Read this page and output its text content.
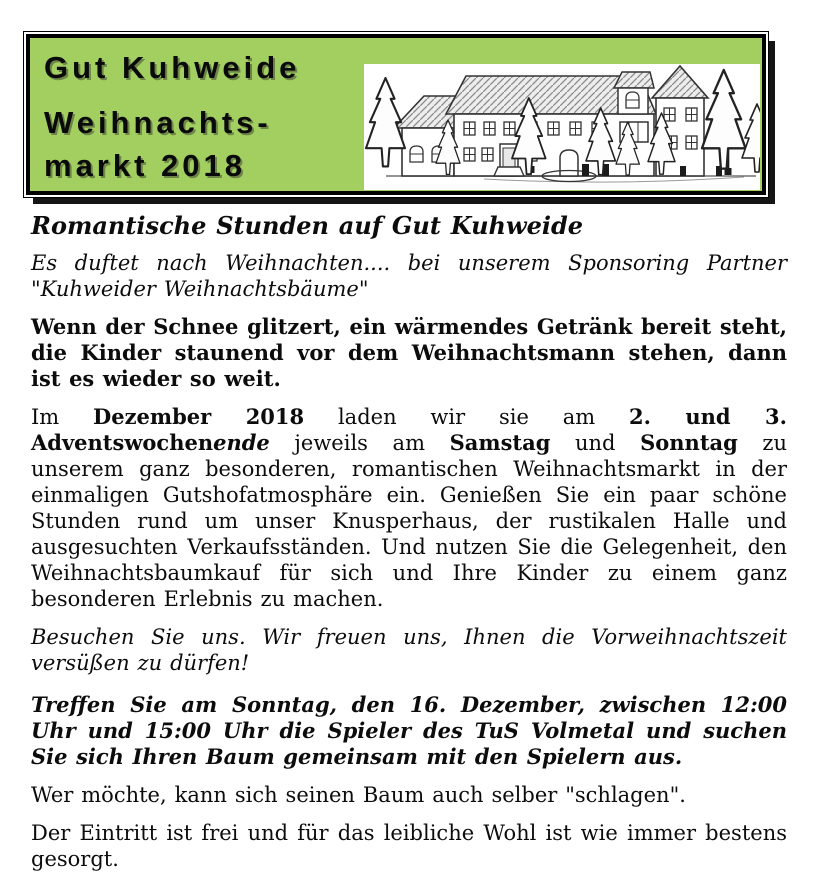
Gut Kuhweide
Weihnachts-
markt 2018

Romantische Stunden auf Gut Kuhweide

Es duftet nach Weihnachten.... bei unserem Sponsoring Partner "Kuhweider Weihnachtsbäume"

Wenn der Schnee glitzert, ein wärmendes Getränk bereit steht, die Kinder staunend vor dem Weihnachtsmann stehen, dann ist es wieder so weit.

Im Dezember 2018 laden wir sie am 2. und 3. Adventswochenende jeweils am Samstag und Sonntag zu unserem ganz besonderen, romantischen Weihnachtsmarkt in der einmaligen Gutshofatmosphäre ein. Genießen Sie ein paar schöne Stunden rund um unser Knusperhaus, der rustikalen Halle und ausgesuchten Verkaufsständen. Und nutzen Sie die Gelegenheit, den Weihnachtsbaumkauf für sich und Ihre Kinder zu einem ganz besonderen Erlebnis zu machen.

Besuchen Sie uns. Wir freuen uns, Ihnen die Vorweihnachtszeit versüßen zu dürfen!

Treffen Sie am Sonntag, den 16. Dezember, zwischen 12:00 Uhr und 15:00 Uhr die Spieler des TuS Volmetal und suchen Sie sich Ihren Baum gemeinsam mit den Spielern aus.

Wer möchte, kann sich seinen Baum auch selber "schlagen".

Der Eintritt ist frei und für das leibliche Wohl ist wie immer bestens gesorgt.
